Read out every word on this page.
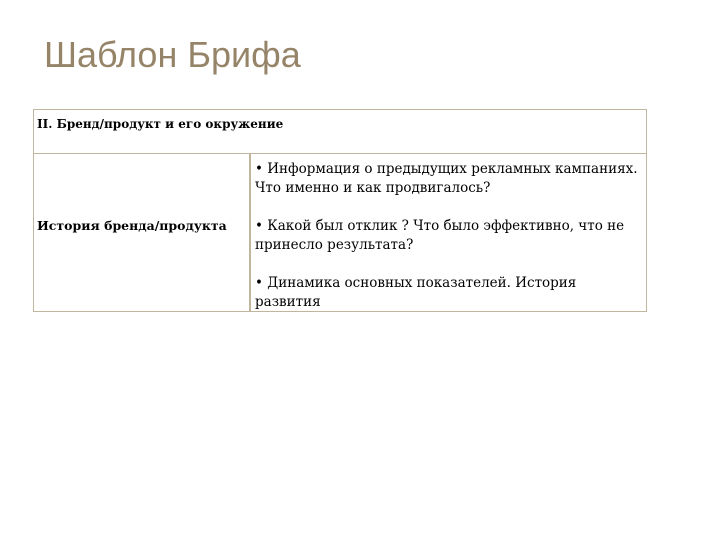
Шаблон Брифа
II. Бренд/продукт и его окружение
История бренда/продукта
• Информация о предыдущих рекламных кампаниях. Что именно и как продвигалось?
• Какой был отклик ? Что было эффективно, что не принесло результата?
• Динамика основных показателей. История развития
